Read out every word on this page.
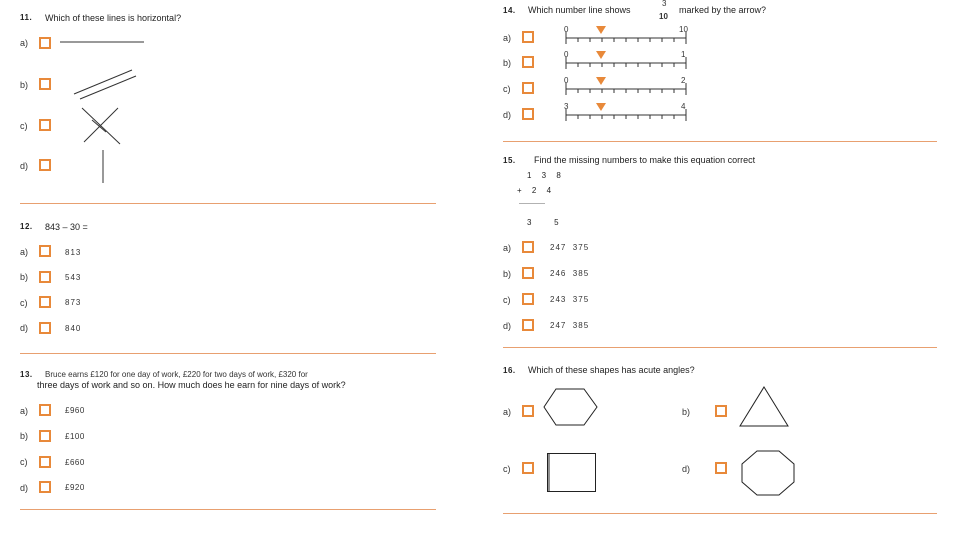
11. Which of these lines is horizontal?
a)
b)
c)
d)
12. 843 – 30 =
a)	813
b)	543
c)	873
d)	840
13. Bruce earns £120 for one day of work, £220 for two days of work, £320 for
three days of work and so on. How much does he earn for nine days of work?
a)	£960
b)	£100
c)	£660
d)	£920
14. Which number line shows
3
10
marked by the arrow?
a)
0	10
b)
0	1
c)
0	2
d)
3	4
15. Find the missing numbers to make this equation correct
1 3 8
+ 2 4
-------------
3   5
a)	247  375
b)	246  385
c)	243  375
d)	247  385
16. Which of these shapes has acute angles?
a)	b)
c)	d)
